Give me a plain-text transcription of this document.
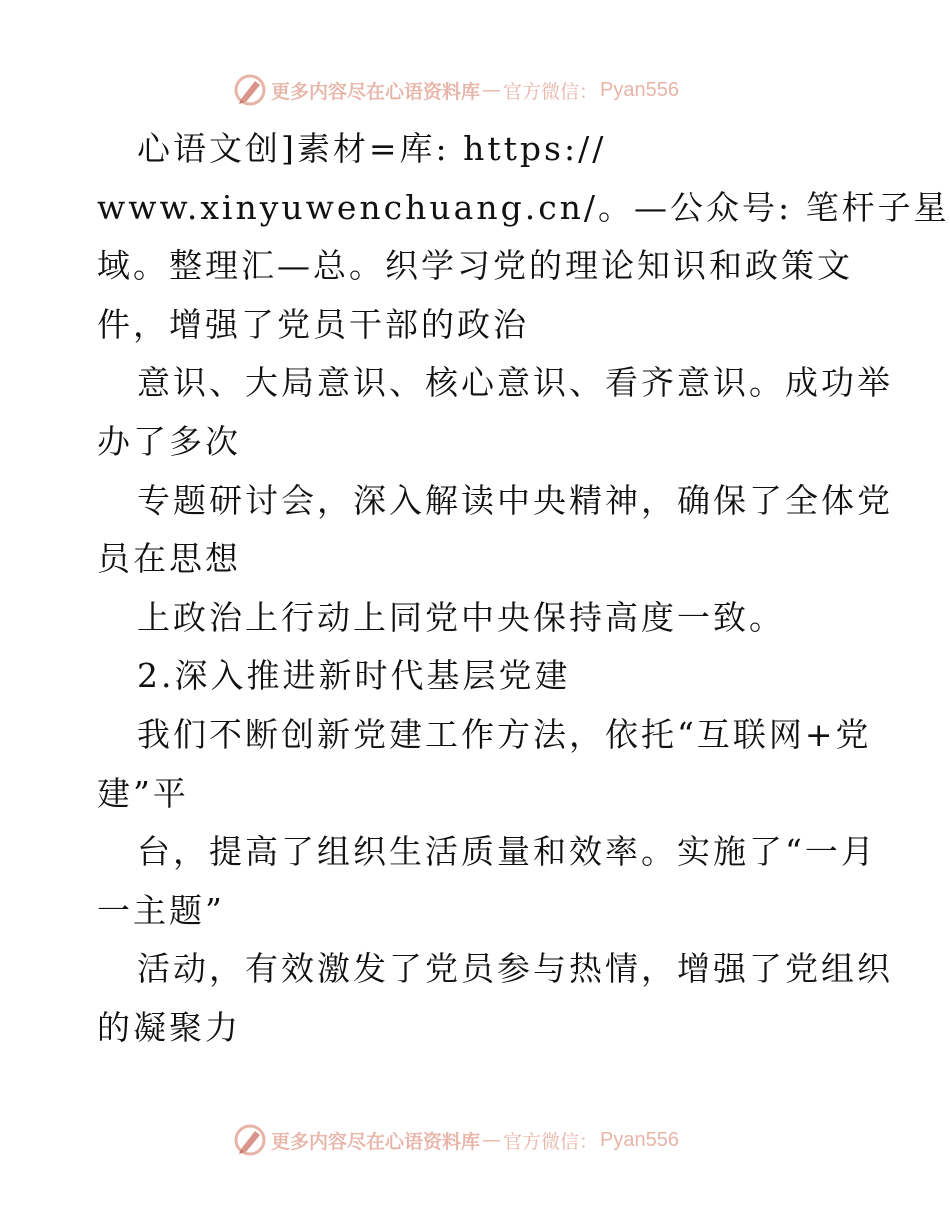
更多内容尽在心语资料库 — 官方微信： Pyan556
心语文创]素材=库: https://
www.xinyuwenchuang.cn/。—公众号: 笔杆子星
域。整理汇—总。织学习党的理论知识和政策文
件，增强了党员干部的政治
意识、大局意识、核心意识、看齐意识。成功举
办了多次
专题研讨会，深入解读中央精神，确保了全体党
员在思想
上政治上行动上同党中央保持高度一致。
2.深入推进新时代基层党建
我们不断创新党建工作方法，依托“互联网+党
建”平
台，提高了组织生活质量和效率。实施了“一月
一主题”
活动，有效激发了党员参与热情，增强了党组织
的凝聚力
更多内容尽在心语资料库 — 官方微信： Pyan556
